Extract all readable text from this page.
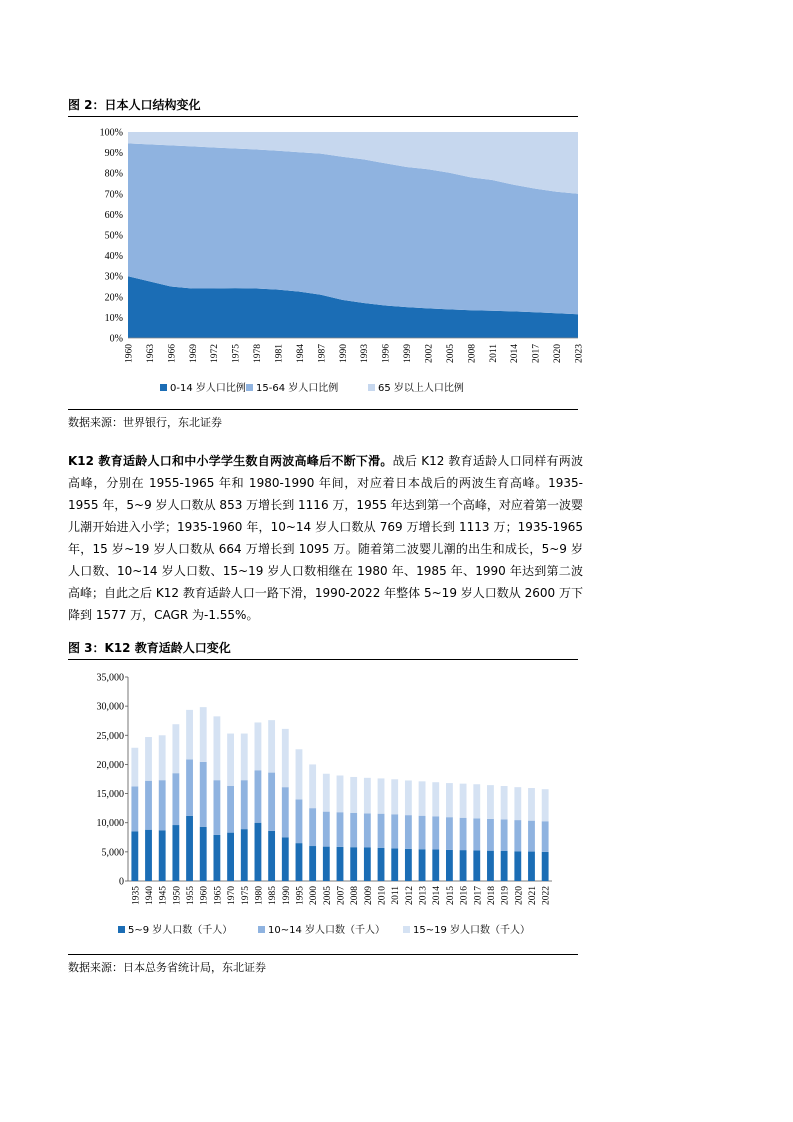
图 2：日本人口结构变化
0%
10%
20%
30%
40%
50%
60%
70%
80%
90%
100%
1960 1963 1966 1969 1972 1975 1978 1981 1984 1987 1990 1993 1996 1999 2002 2005 2008 2011 2014 2017 2020 2023
0-14 岁人口比例 15-64 岁人口比例	65 岁以上人口比例
数据来源：世界银行，东北证券
K12 教育适龄人口和中小学学生数自两波高峰后不断下滑。战后 K12 教育适龄人口同样有两波高峰，分别在 1955-1965 年和 1980-1990 年间，对应着日本战后的两波生育高峰。1935-1955 年，5~9 岁人口数从 853 万增长到 1116 万，1955 年达到第一个高峰，对应着第一波婴儿潮开始进入小学；1935-1960 年，10~14 岁人口数从 769 万增长到 1113 万；1935-1965 年，15 岁~19 岁人口数从 664 万增长到 1095 万。随着第二波婴儿潮的出生和成长，5~9 岁人口数、10~14 岁人口数、15~19 岁人口数相继在 1980 年、1985 年、1990 年达到第二波高峰；自此之后 K12 教育适龄人口一路下滑，1990-2022 年整体 5~19 岁人口数从 2600 万下降到 1577 万，CAGR 为-1.55%。
图 3：K12 教育适龄人口变化
0
5,000
10,000
15,000
20,000
25,000
30,000
35,000
1935 1940 1945 1950 1955 1960 1965 1970 1975 1980 1985 1990 1995 2000 2005 2007 2008 2009 2010 2011 2012 2013 2014 2015 2016 2017 2018 2019 2020 2021 2022
5~9 岁人口数（千人）	10~14 岁人口数（千人）	15~19 岁人口数（千人）
数据来源：日本总务省统计局，东北证券
